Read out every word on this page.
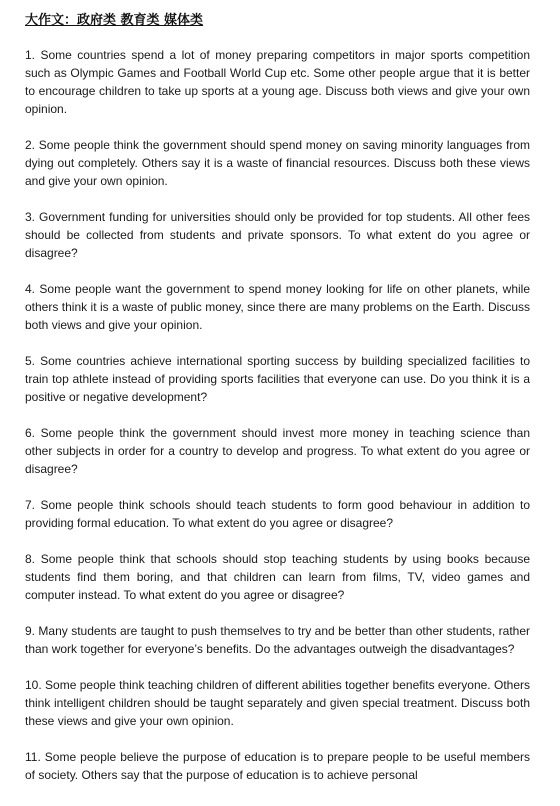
大作文：政府类 教育类 媒体类

1. Some countries spend a lot of money preparing competitors in major sports competition such as Olympic Games and Football World Cup etc. Some other people argue that it is better to encourage children to take up sports at a young age. Discuss both views and give your own opinion.

2. Some people think the government should spend money on saving minority languages from dying out completely. Others say it is a waste of financial resources. Discuss both these views and give your own opinion.

3. Government funding for universities should only be provided for top students. All other fees should be collected from students and private sponsors. To what extent do you agree or disagree?

4. Some people want the government to spend money looking for life on other planets, while others think it is a waste of public money, since there are many problems on the Earth. Discuss both views and give your opinion.

5. Some countries achieve international sporting success by building specialized facilities to train top athlete instead of providing sports facilities that everyone can use. Do you think it is a positive or negative development?

6. Some people think the government should invest more money in teaching science than other subjects in order for a country to develop and progress. To what extent do you agree or disagree?

7. Some people think schools should teach students to form good behaviour in addition to providing formal education. To what extent do you agree or disagree?

8. Some people think that schools should stop teaching students by using books because students find them boring, and that children can learn from films, TV, video games and computer instead. To what extent do you agree or disagree?

9. Many students are taught to push themselves to try and be better than other students, rather than work together for everyone’s benefits. Do the advantages outweigh the disadvantages?

10. Some people think teaching children of different abilities together benefits everyone. Others think intelligent children should be taught separately and given special treatment. Discuss both these views and give your own opinion.

11. Some people believe the purpose of education is to prepare people to be useful members of society. Others say that the purpose of education is to achieve personal
